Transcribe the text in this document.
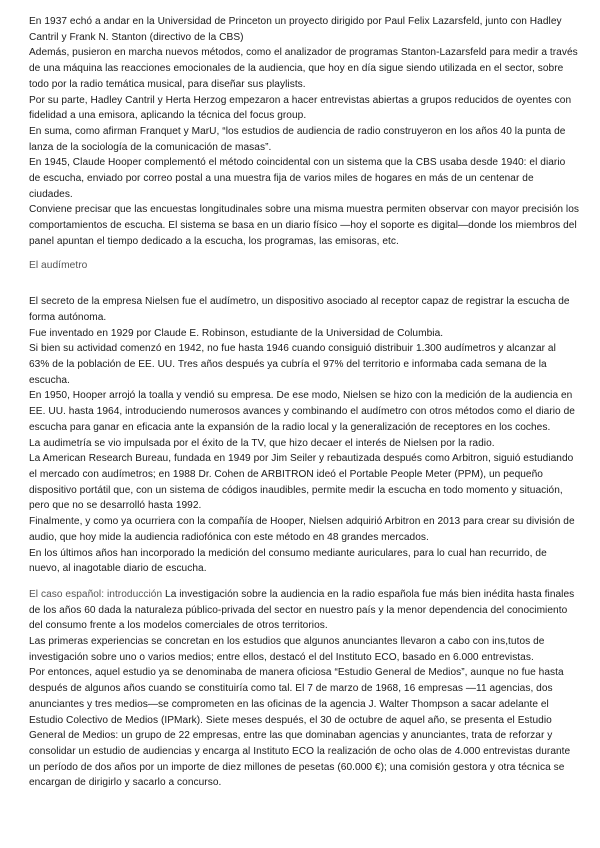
En 1937 echó a andar en la Universidad de Princeton un proyecto dirigido por Paul Felix Lazarsfeld, junto con Hadley Cantril y Frank N. Stanton (directivo de la CBS)

Además, pusieron en marcha nuevos métodos, como el analizador de programas Stanton-Lazarsfeld para medir a través de una máquina las reacciones emocionales de la audiencia, que hoy en día sigue siendo utilizada en el sector, sobre todo por la radio temática musical, para diseñar sus playlists.

Por su parte, Hadley Cantril y Herta Herzog empezaron a hacer entrevistas abiertas a grupos reducidos de oyentes con fidelidad a una emisora, aplicando la técnica del focus group.

En suma, como afirman Franquet y MarU, “los estudios de audiencia de radio construyeron en los años 40 la punta de lanza de la sociología de la comunicación de masas”.

En 1945, Claude Hooper complementó el método coincidental con un sistema que la CBS usaba desde 1940: el diario de escucha, enviado por correo postal a una muestra fija de varios miles de hogares en más de un centenar de ciudades.

Conviene precisar que las encuestas longitudinales sobre una misma muestra permiten observar con mayor precisión los comportamientos de escucha. El sistema se basa en un diario físico —hoy el soporte es digital—donde los miembros del panel apuntan el tiempo dedicado a la escucha, los programas, las emisoras, etc.

El audímetro

El secreto de la empresa Nielsen fue el audímetro, un dispositivo asociado al receptor capaz de registrar la escucha de forma autónoma.

Fue inventado en 1929 por Claude E. Robinson, estudiante de la Universidad de Columbia.

Si bien su actividad comenzó en 1942, no fue hasta 1946 cuando consiguió distribuir 1.300 audímetros y alcanzar al 63% de la población de EE. UU. Tres años después ya cubría el 97% del territorio e informaba cada semana de la escucha.

En 1950, Hooper arrojó la toalla y vendió su empresa. De ese modo, Nielsen se hizo con la medición de la audiencia en EE. UU. hasta 1964, introduciendo numerosos avances y combinando el audímetro con otros métodos como el diario de escucha para ganar en eficacia ante la expansión de la radio local y la generalización de receptores en los coches.

La audimetría se vio impulsada por el éxito de la TV, que hizo decaer el interés de Nielsen por la radio.

La American Research Bureau, fundada en 1949 por Jim Seiler y rebautizada después como Arbitron, siguió estudiando el mercado con audímetros; en 1988 Dr. Cohen de ARBITRON ideó el Portable People Meter (PPM), un pequeño dispositivo portátil que, con un sistema de códigos inaudibles, permite medir la escucha en todo momento y situación, pero que no se desarrolló hasta 1992.

Finalmente, y como ya ocurriera con la compañía de Hooper, Nielsen adquirió Arbitron en 2013 para crear su división de audio, que hoy mide la audiencia radiofónica con este método en 48 grandes mercados.

En los últimos años han incorporado la medición del consumo mediante auriculares, para lo cual han recurrido, de nuevo, al inagotable diario de escucha.

El caso español: introducción La investigación sobre la audiencia en la radio española fue más bien inédita hasta finales de los años 60 dada la naturaleza público-privada del sector en nuestro país y la menor dependencia del conocimiento del consumo frente a los modelos comerciales de otros territorios.

Las primeras experiencias se concretan en los estudios que algunos anunciantes llevaron a cabo con ins,tutos de investigación sobre uno o varios medios; entre ellos, destacó el del Instituto ECO, basado en 6.000 entrevistas.

Por entonces, aquel estudio ya se denominaba de manera oficiosa “Estudio General de Medios”, aunque no fue hasta después de algunos años cuando se constituiría como tal. El 7 de marzo de 1968, 16 empresas —11 agencias, dos anunciantes y tres medios—se comprometen en las oficinas de la agencia J. Walter Thompson a sacar adelante el Estudio Colectivo de Medios (IPMark). Siete meses después, el 30 de octubre de aquel año, se presenta el Estudio General de Medios: un grupo de 22 empresas, entre las que dominaban agencias y anunciantes, trata de reforzar y consolidar un estudio de audiencias y encarga al Instituto ECO la realización de ocho olas de 4.000 entrevistas durante un período de dos años por un importe de diez millones de pesetas (60.000 €); una comisión gestora y otra técnica se encargan de dirigirlo y sacarlo a concurso.
